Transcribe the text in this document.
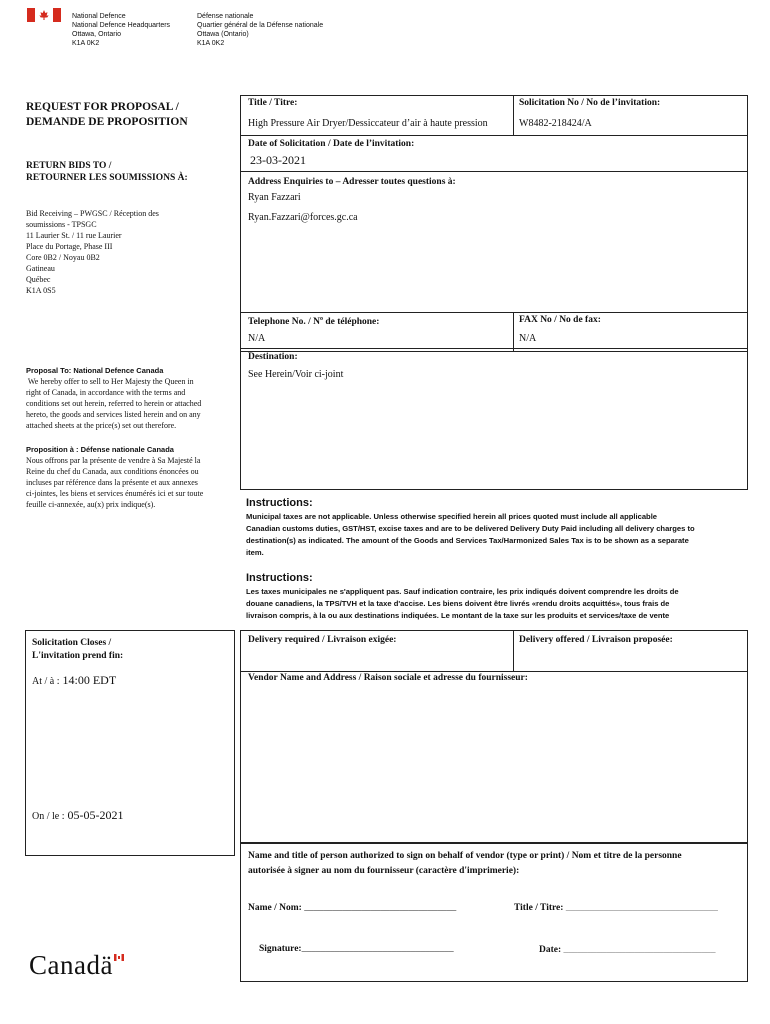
National Defence
National Defence Headquarters
Ottawa, Ontario
K1A 0K2
Défense nationale
Quartier général de la Défense nationale
Ottawa (Ontario)
K1A 0K2
REQUEST FOR PROPOSAL /
DEMANDE DE PROPOSITION
RETURN BIDS TO /
RETOURNER LES SOUMISSIONS À:
Bid Receiving – PWGSC / Réception des
soumissions - TPSGC
11 Laurier St. / 11 rue Laurier
Place du Portage, Phase III
Core 0B2 / Noyau 0B2
Gatineau
Québec
K1A 0S5
Proposal To: National Defence Canada
We hereby offer to sell to Her Majesty the Queen in
right of Canada, in accordance with the terms and
conditions set out herein, referred to herein or attached
hereto, the goods and services listed herein and on any
attached sheets at the price(s) set out therefore.
Proposition à : Défense nationale Canada
Nous offrons par la présente de vendre à Sa Majesté la
Reine du chef du Canada, aux conditions énoncées ou
incluses par référence dans la présente et aux annexes
ci-jointes, les biens et services énumérés ici et sur toute
feuille ci-annexée, au(x) prix indique(s).
Solicitation Closes /
L'invitation prend fin:
At / à : 14:00 EDT
On / le : 05-05-2021
Canadä
Title / Titre:
High Pressure Air Dryer/Dessiccateur d’air à haute pression
Solicitation No / No de l’invitation:
W8482-218424/A
Date of Solicitation / Date de l’invitation:
23-03-2021
Address Enquiries to – Adresser toutes questions à:
Ryan Fazzari
Ryan.Fazzari@forces.gc.ca
Telephone No. / $N^o$ de téléphone:
N/A
FAX No / No de fax:
N/A
Destination:
See Herein/Voir ci-joint
Instructions:
Municipal taxes are not applicable. Unless otherwise specified herein all prices quoted must include all applicable
Canadian customs duties, GST/HST, excise taxes and are to be delivered Delivery Duty Paid including all delivery charges to
destination(s) as indicated. The amount of the Goods and Services Tax/Harmonized Sales Tax is to be shown as a separate
item.
Instructions:
Les taxes municipales ne s'appliquent pas. Sauf indication contraire, les prix indiqués doivent comprendre les droits de
douane canadiens, la TPS/TVH et la taxe d'accise. Les biens doivent être livrés «rendu droits acquittés», tous frais de
livraison compris, à la ou aux destinations indiquées. Le montant de la taxe sur les produits et services/taxe de vente
Delivery required / Livraison exigée:	Delivery offered / Livraison proposée:
Vendor Name and Address / Raison sociale et adresse du fournisseur:
Name and title of person authorized to sign on behalf of vendor (type or print) / Nom et titre de la personne
autorisée à signer au nom du fournisseur (caractère d'imprimerie):
Name / Nom: ________________________________	Title / Titre: ________________________________
Signature:________________________________	Date: ________________________________
